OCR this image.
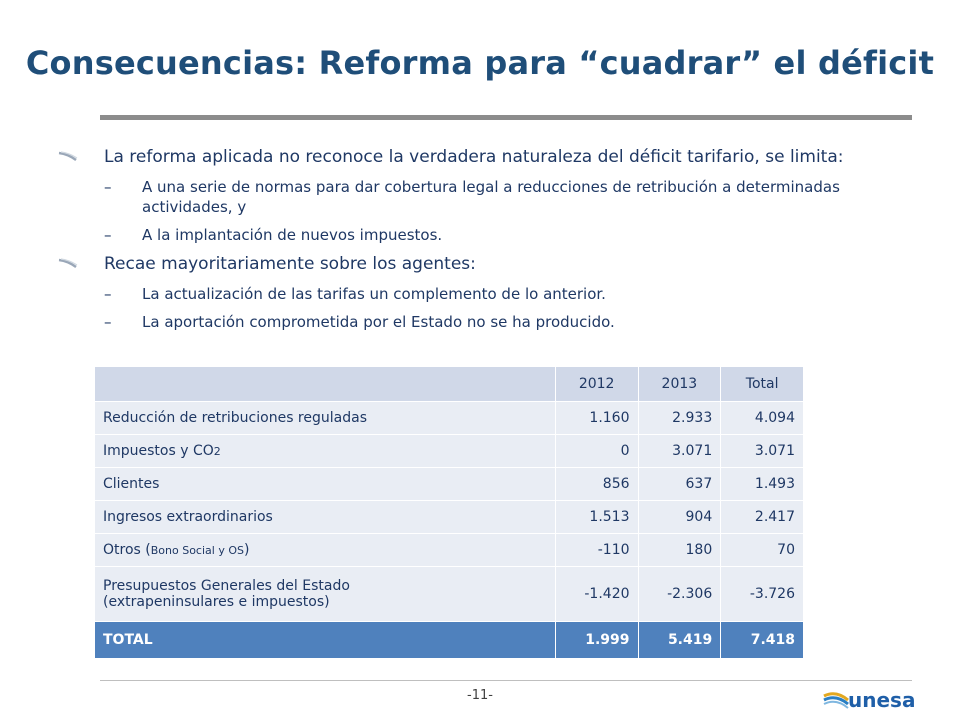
Consecuencias: Reforma para “cuadrar” el déficit
La reforma aplicada no reconoce la verdadera naturaleza del déficit tarifario, se limita:
– A una serie de normas para dar cobertura legal a reducciones de retribución a determinadas actividades, y
– A la implantación de nuevos impuestos.
Recae mayoritariamente sobre los agentes:
– La actualización de las tarifas un complemento de lo anterior.
– La aportación comprometida por el Estado no se ha producido.
	2012	2013	Total
Reducción de retribuciones reguladas	1.160	2.933	4.094
Impuestos y CO2	0	3.071	3.071
Clientes	856	637	1.493
Ingresos extraordinarios	1.513	904	2.417
Otros (Bono Social y OS)	-110	180	70

Presupuestos Generales del Estado
(extrapeninsulares e impuestos)	-1.420	-2.306	-3.726
TOTAL	1.999	5.419	7.418
-11-	unesa
